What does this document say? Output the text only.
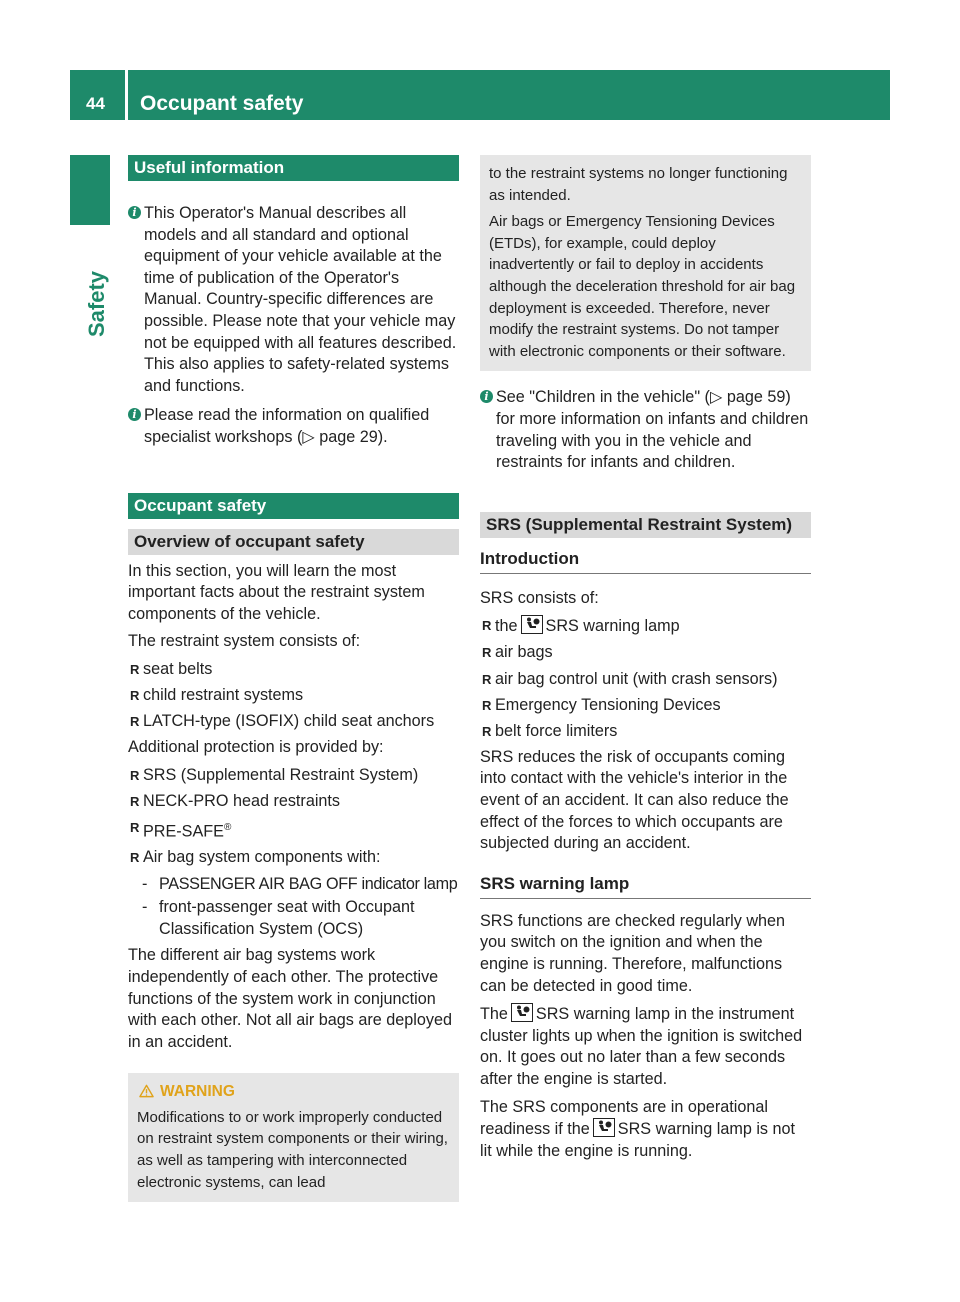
44	Occupant safety
Safety
Useful information
i This Operator's Manual describes all models and all standard and optional equipment of your vehicle available at the time of publication of the Operator's Manual. Country-specific differences are possible. Please note that your vehicle may not be equipped with all features described. This also applies to safety-related systems and functions.
i Please read the information on qualified specialist workshops (▷ page 29).
Occupant safety
Overview of occupant safety
In this section, you will learn the most important facts about the restraint system components of the vehicle.
The restraint system consists of:
R seat belts
R child restraint systems
R LATCH-type (ISOFIX) child seat anchors
Additional protection is provided by:
R SRS (Supplemental Restraint System)
R NECK-PRO head restraints
R PRE-SAFE®
R Air bag system components with:
- PASSENGER AIR BAG OFF indicator lamp
- front-passenger seat with Occupant Classification System (OCS)
The different air bag systems work independently of each other. The protective functions of the system work in conjunction with each other. Not all air bags are deployed in an accident.
WARNING
Modifications to or work improperly conducted on restraint system components or their wiring, as well as tampering with interconnected electronic systems, can lead
to the restraint systems no longer functioning as intended.
Air bags or Emergency Tensioning Devices (ETDs), for example, could deploy inadvertently or fail to deploy in accidents although the deceleration threshold for air bag deployment is exceeded. Therefore, never modify the restraint systems. Do not tamper with electronic components or their software.
i See "Children in the vehicle" (▷ page 59) for more information on infants and children traveling with you in the vehicle and restraints for infants and children.
SRS (Supplemental Restraint System)
Introduction
SRS consists of:
R the SRS warning lamp
R air bags
R air bag control unit (with crash sensors)
R Emergency Tensioning Devices
R belt force limiters
SRS reduces the risk of occupants coming into contact with the vehicle's interior in the event of an accident. It can also reduce the effect of the forces to which occupants are subjected during an accident.
SRS warning lamp
SRS functions are checked regularly when you switch on the ignition and when the engine is running. Therefore, malfunctions can be detected in good time.
The SRS warning lamp in the instrument cluster lights up when the ignition is switched on. It goes out no later than a few seconds after the engine is started.
The SRS components are in operational readiness if the SRS warning lamp is not lit while the engine is running.
